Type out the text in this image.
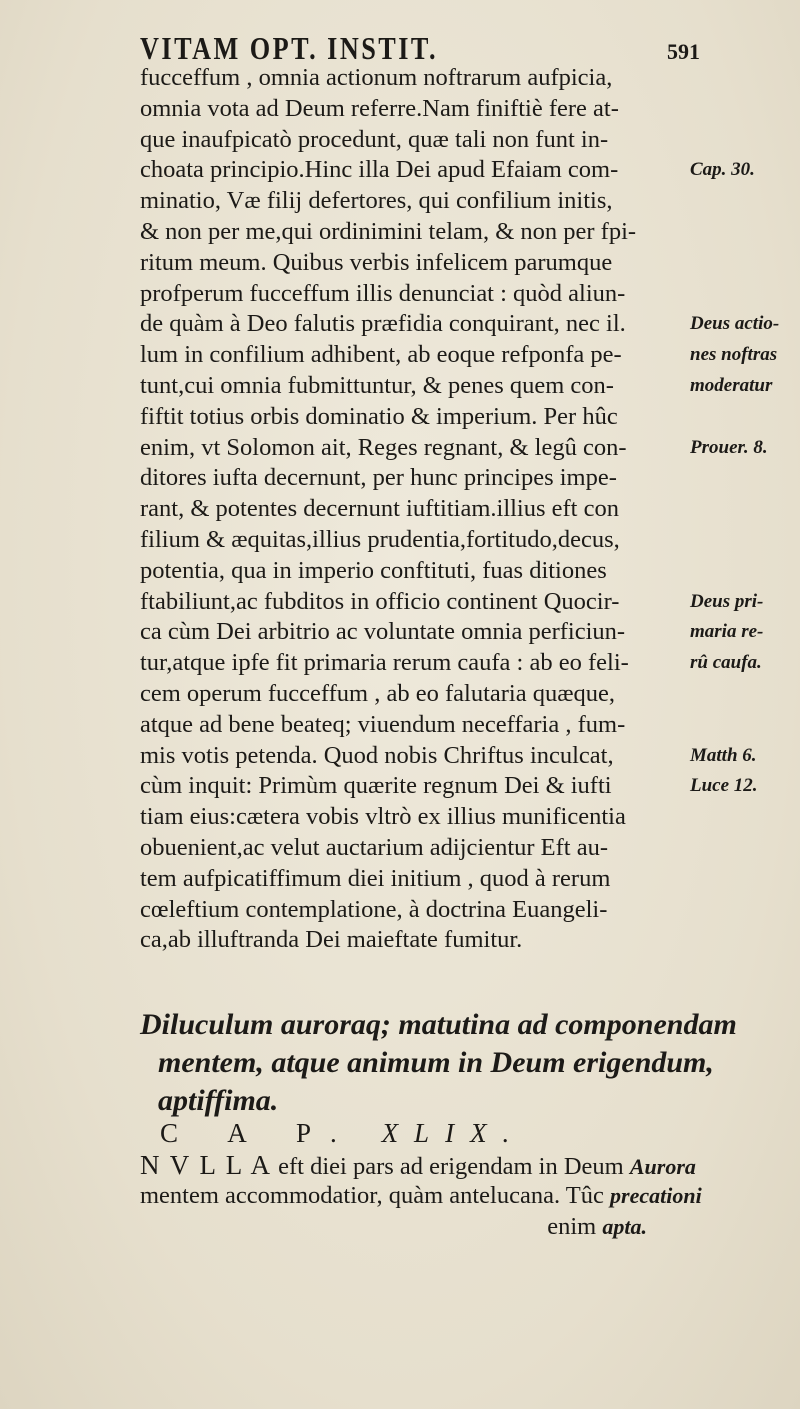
VITAM OPT. INSTIT.	591
fucceffum , omnia actionum noftrarum aufpicia,
omnia vota ad Deum referre.Nam finiftiè fere at-
que inaufpicatò procedunt, quæ tali non funt in-
choata principio.Hinc illa Dei apud Efaiam com-
minatio, Væ filij defertores, qui confilium initis,
& non per me,qui ordinimini telam, & non per fpi-
ritum meum. Quibus verbis infelicem parumque
profperum fucceffum illis denunciat : quòd aliun-
de quàm à Deo falutis præfidia conquirant, nec il.
lum in confilium adhibent, ab eoque refponfa pe-
tunt,cui omnia fubmittuntur, & penes quem con-
fiftit totius orbis dominatio & imperium. Per hûc
enim, vt Solomon ait, Reges regnant, & legû con-
ditores iufta decernunt, per hunc principes impe-
rant, & potentes decernunt iuftitiam.illius eft con
filium & æquitas,illius prudentia,fortitudo,decus,
potentia, qua in imperio conftituti, fuas ditiones
ftabiliunt,ac fubditos in officio continent Quocir-
ca cùm Dei arbitrio ac voluntate omnia perficiun-
tur,atque ipfe fit primaria rerum caufa : ab eo feli-
cem operum fucceffum , ab eo falutaria quæque,
atque ad bene beateq; viuendum neceffaria , fum-
mis votis petenda. Quod nobis Chriftus inculcat,
cùm inquit: Primùm quærite regnum Dei & iufti
tiam eius:cætera vobis vltrò ex illius munificentia
obuenient,ac velut auctarium adijcientur Eft au-
tem aufpicatiffimum diei initium , quod à rerum
cœleftium contemplatione, à doctrina Euangeli-
ca,ab illuftranda Dei maieftate fumitur.
Cap. 30.
Deus actio-
nes noftras
moderatur
Prouer. 8.
Deus pri-
maria re-
rû caufa.
Matth 6.
Luce 12.
Diluculum auroraq; matutina ad componendam
mentem, atque animum in Deum erigendum,
aptiffima.
C A P. XLIX.
N V L L A eft diei pars ad erigendam in Deum Aurora
mentem accommodatior, quàm antelucana. Tûc precationi
enim apta.
